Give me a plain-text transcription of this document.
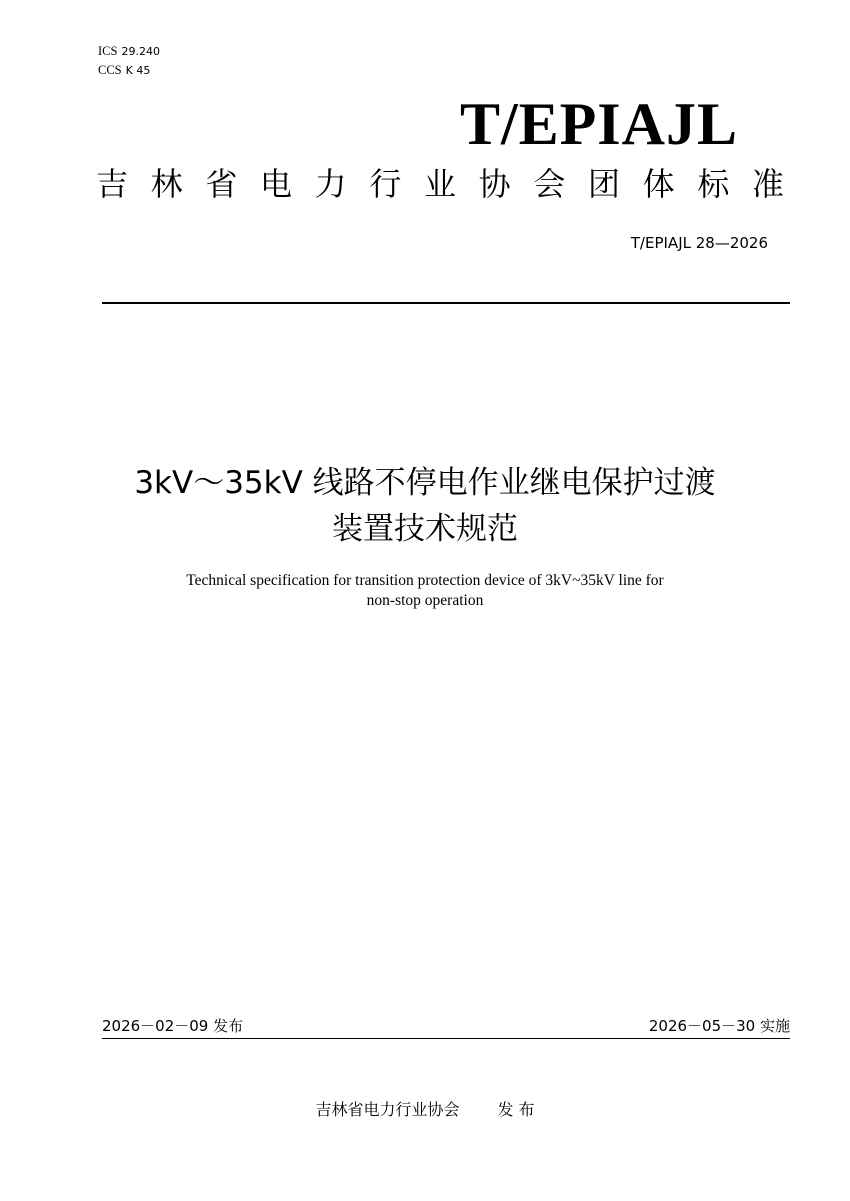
ICS 29.240
CCS K 45
T/EPIAJL
吉林省电力行业协会团体标准
T/EPIAJL 28—2026
3kV～35kV 线路不停电作业继电保护过渡
装置技术规范
Technical specification for transition protection device of 3kV~35kV line for
non-stop operation
2026－02－09 发布	2026－05－30 实施
吉林省电力行业协会 发 布
